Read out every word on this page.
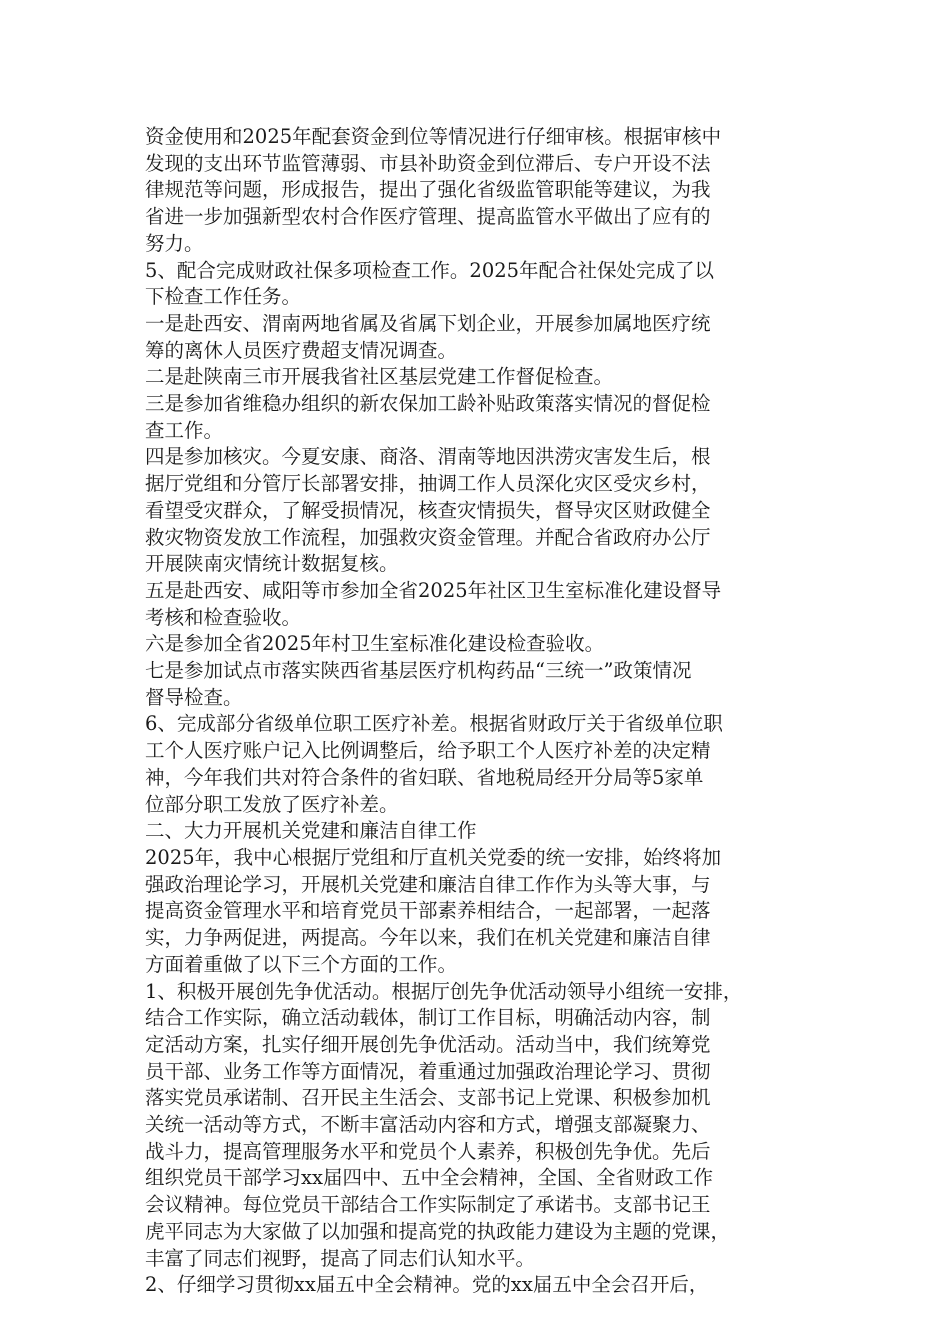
资金使用和2025年配套资金到位等情况进行仔细审核。根据审核中
发现的支出环节监管薄弱、市县补助资金到位滞后、专户开设不法
律规范等问题，形成报告，提出了强化省级监管职能等建议，为我
省进一步加强新型农村合作医疗管理、提高监管水平做出了应有的
努力。

5、配合完成财政社保多项检查工作。2025年配合社保处完成了以
下检查工作任务。

一是赴西安、渭南两地省属及省属下划企业，开展参加属地医疗统
筹的离休人员医疗费超支情况调查。

二是赴陕南三市开展我省社区基层党建工作督促检查。

三是参加省维稳办组织的新农保加工龄补贴政策落实情况的督促检
查工作。

四是参加核灾。今夏安康、商洛、渭南等地因洪涝灾害发生后，根
据厅党组和分管厅长部署安排，抽调工作人员深化灾区受灾乡村，
看望受灾群众，了解受损情况，核查灾情损失，督导灾区财政健全
救灾物资发放工作流程，加强救灾资金管理。并配合省政府办公厅
开展陕南灾情统计数据复核。

五是赴西安、咸阳等市参加全省2025年社区卫生室标准化建设督导
考核和检查验收。

六是参加全省2025年村卫生室标准化建设检查验收。

七是参加试点市落实陕西省基层医疗机构药品“三统一”政策情况
督导检查。

6、完成部分省级单位职工医疗补差。根据省财政厅关于省级单位职
工个人医疗账户记入比例调整后，给予职工个人医疗补差的决定精
神，今年我们共对符合条件的省妇联、省地税局经开分局等5家单
位部分职工发放了医疗补差。

二、大力开展机关党建和廉洁自律工作

2025年，我中心根据厅党组和厅直机关党委的统一安排，始终将加
强政治理论学习，开展机关党建和廉洁自律工作作为头等大事，与
提高资金管理水平和培育党员干部素养相结合，一起部署，一起落
实，力争两促进，两提高。今年以来，我们在机关党建和廉洁自律
方面着重做了以下三个方面的工作。

1、积极开展创先争优活动。根据厅创先争优活动领导小组统一安排，
结合工作实际，确立活动载体，制订工作目标，明确活动内容，制
定活动方案，扎实仔细开展创先争优活动。活动当中，我们统筹党
员干部、业务工作等方面情况，着重通过加强政治理论学习、贯彻
落实党员承诺制、召开民主生活会、支部书记上党课、积极参加机
关统一活动等方式，不断丰富活动内容和方式，增强支部凝聚力、
战斗力，提高管理服务水平和党员个人素养，积极创先争优。先后
组织党员干部学习xx届四中、五中全会精神，全国、全省财政工作
会议精神。每位党员干部结合工作实际制定了承诺书。支部书记王
虎平同志为大家做了以加强和提高党的执政能力建设为主题的党课，
丰富了同志们视野，提高了同志们认知水平。

2、仔细学习贯彻xx届五中全会精神。党的xx届五中全会召开后，
